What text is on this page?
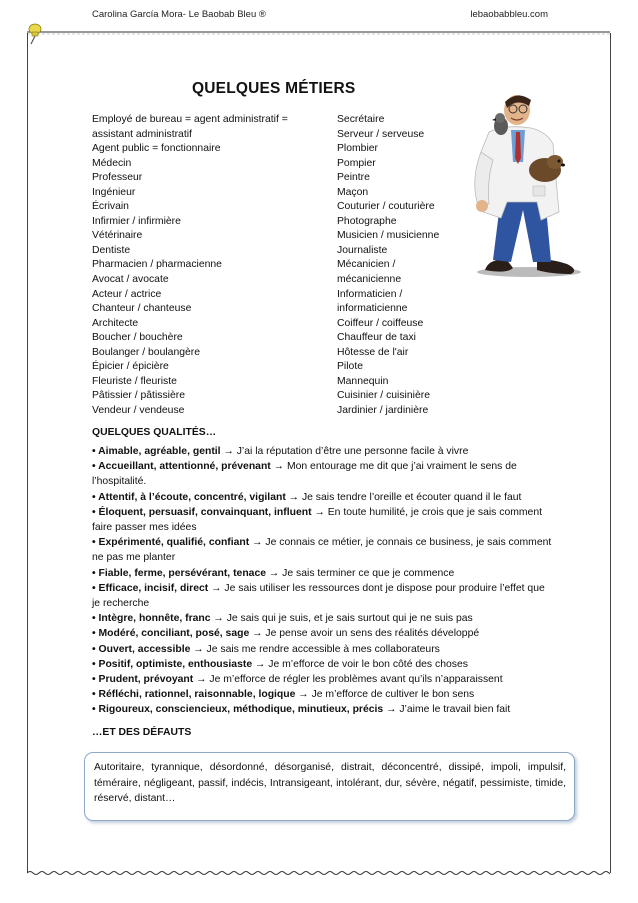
Carolina García Mora- Le Baobab Bleu ®	lebaobabbleu.com
QUELQUES MÉTIERS
Employé de bureau = agent administratif =
assistant administratif
Agent public = fonctionnaire
Médecin
Professeur
Ingénieur
Écrivain
Infirmier / infirmière
Vétérinaire
Dentiste
Pharmacien / pharmacienne
Avocat / avocate
Acteur / actrice
Chanteur / chanteuse
Architecte
Boucher / bouchère
Boulanger / boulangère
Épicier / épicière
Fleuriste / fleuriste
Pâtissier / pâtissière
Vendeur / vendeuse
Secrétaire
Serveur / serveuse
Plombier
Pompier
Peintre
Maçon
Couturier / couturière
Photographe
Musicien / musicienne
Journaliste
Mécanicien /
mécanicienne
Informaticien /
informaticienne
Coiffeur / coiffeuse
Chauffeur de taxi
Hôtesse de l'air
Pilote
Mannequin
Cuisinier / cuisinière
Jardinier / jardinière
QUELQUES QUALITÉS…

• Aimable, agréable, gentil → J’ai la réputation d’être une personne facile à vivre

• Accueillant, attentionné, prévenant → Mon entourage me dit que j’ai vraiment le sens de l’hospitalité.

• Attentif, à l’écoute, concentré, vigilant → Je sais tendre l’oreille et écouter quand il le faut

• Éloquent, persuasif, convainquant, influent → En toute humilité, je crois que je sais comment faire passer mes idées

• Expérimenté, qualifié, confiant → Je connais ce métier, je connais ce business, je sais comment ne pas me planter

• Fiable, ferme, persévérant, tenace → Je sais terminer ce que je commence

• Efficace, incisif, direct → Je sais utiliser les ressources dont je dispose pour produire l’effet que je recherche

• Intègre, honnête, franc → Je sais qui je suis, et je sais surtout qui je ne suis pas

• Modéré, conciliant, posé, sage → Je pense avoir un sens des réalités développé

• Ouvert, accessible → Je sais me rendre accessible à mes collaborateurs

• Positif, optimiste, enthousiaste → Je m’efforce de voir le bon côté des choses

• Prudent, prévoyant → Je m’efforce de régler les problèmes avant qu’ils n’apparaissent

• Réfléchi, rationnel, raisonnable, logique → Je m’efforce de cultiver le bon sens

• Rigoureux, consciencieux, méthodique, minutieux, précis → J’aime le travail bien fait

…ET DES DÉFAUTS
Autoritaire, tyrannique, désordonné, désorganisé, distrait, déconcentré, dissipé, impoli, impulsif, téméraire, négligeant, passif, indécis, Intransigeant, intolérant, dur, sévère, négatif, pessimiste, timide, réservé, distant…
